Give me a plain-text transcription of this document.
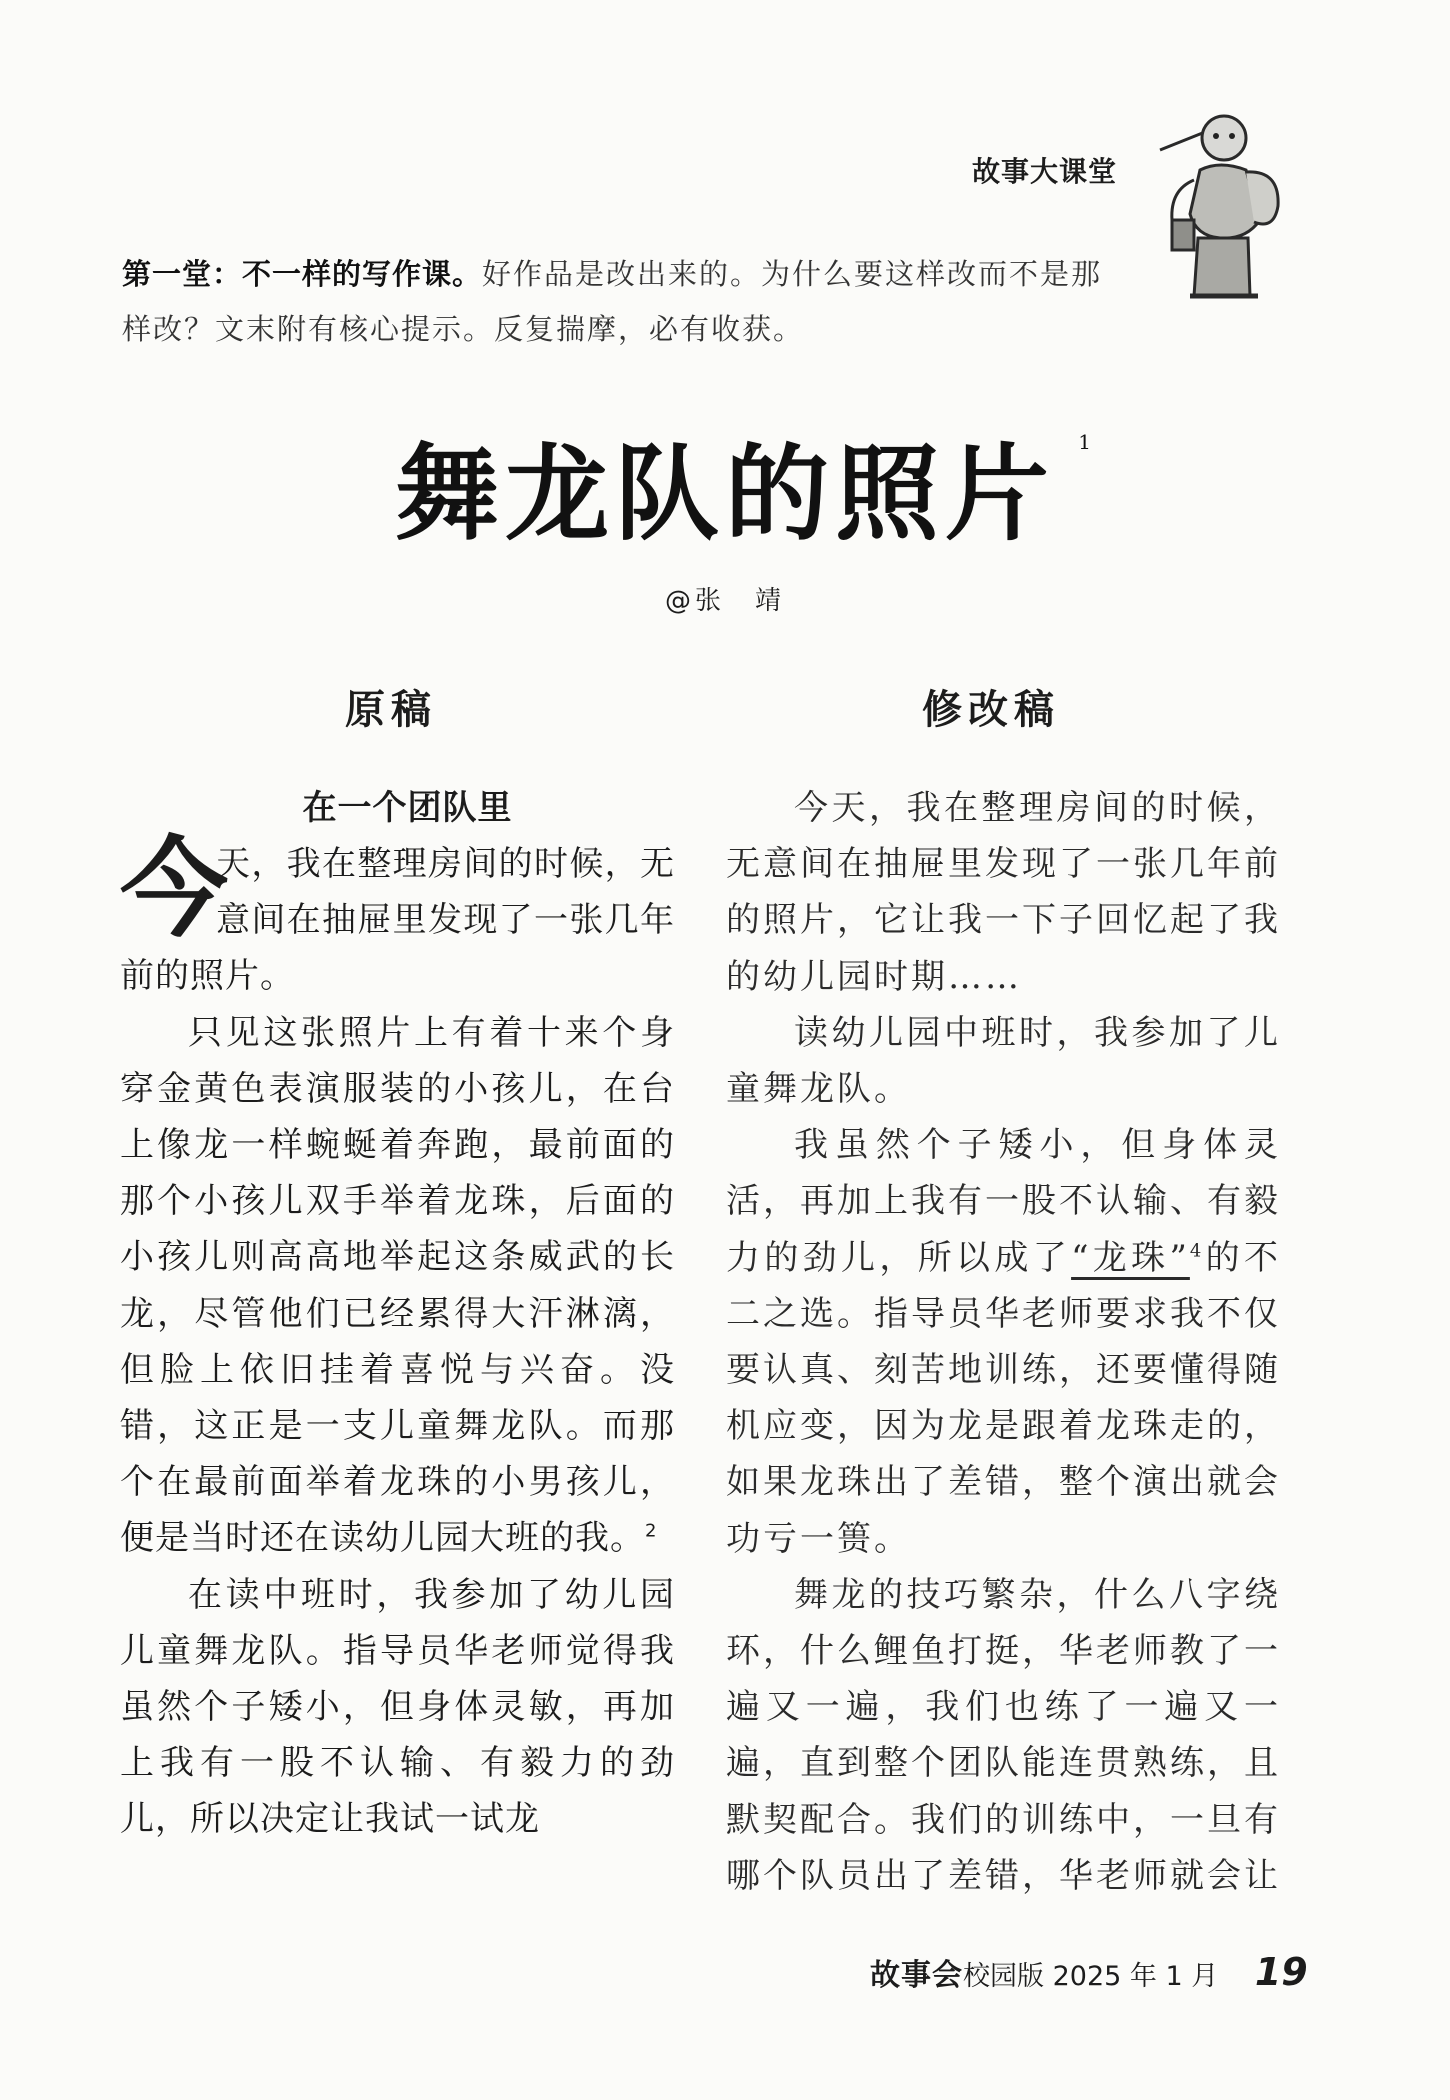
故事大课堂
第一堂：不一样的写作课。好作品是改出来的。为什么要这样改而不是那样改？文末附有核心提示。反复揣摩，必有收获。
舞龙队的照片 1
@张　靖
原稿	修改稿
在一个团队里

今
天，我在整理房间的时候，无意间在抽屉里发现了一张几年前的照片。

只见这张照片上有着十来个身穿金黄色表演服装的小孩儿，在台上像龙一样蜿蜒着奔跑，最前面的那个小孩儿双手举着龙珠，后面的小孩儿则高高地举起这条威武的长龙，尽管他们已经累得大汗淋漓，但脸上依旧挂着喜悦与兴奋。没错，这正是一支儿童舞龙队。而那个在最前面举着龙珠的小男孩儿，便是当时还在读幼儿园大班的我。$^2$

在读中班时，我参加了幼儿园儿童舞龙队。指导员华老师觉得我虽然个子矮小，但身体灵敏，再加上我有一股不认输、有毅力的劲儿，所以决定让我试一试龙

今天，我在整理房间的时候，无意间在抽屉里发现了一张几年前的照片，它让我一下子回忆起了我的幼儿园时期……

读幼儿园中班时，我参加了儿童舞龙队。

我虽然个子矮小，但身体灵活，再加上我有一股不认输、有毅力的劲儿，所以成了“龙珠”$^4$的不二之选。指导员华老师要求我不仅要认真、刻苦地训练，还要懂得随机应变，因为龙是跟着龙珠走的，如果龙珠出了差错，整个演出就会功亏一篑。

舞龙的技巧繁杂，什么八字绕环，什么鲤鱼打挺，华老师教了一遍又一遍，我们也练了一遍又一遍，直到整个团队能连贯熟练，且默契配合。我们的训练中，一旦有哪个队员出了差错，华老师就会让

故事会校园版 2025 年 1 月 19
